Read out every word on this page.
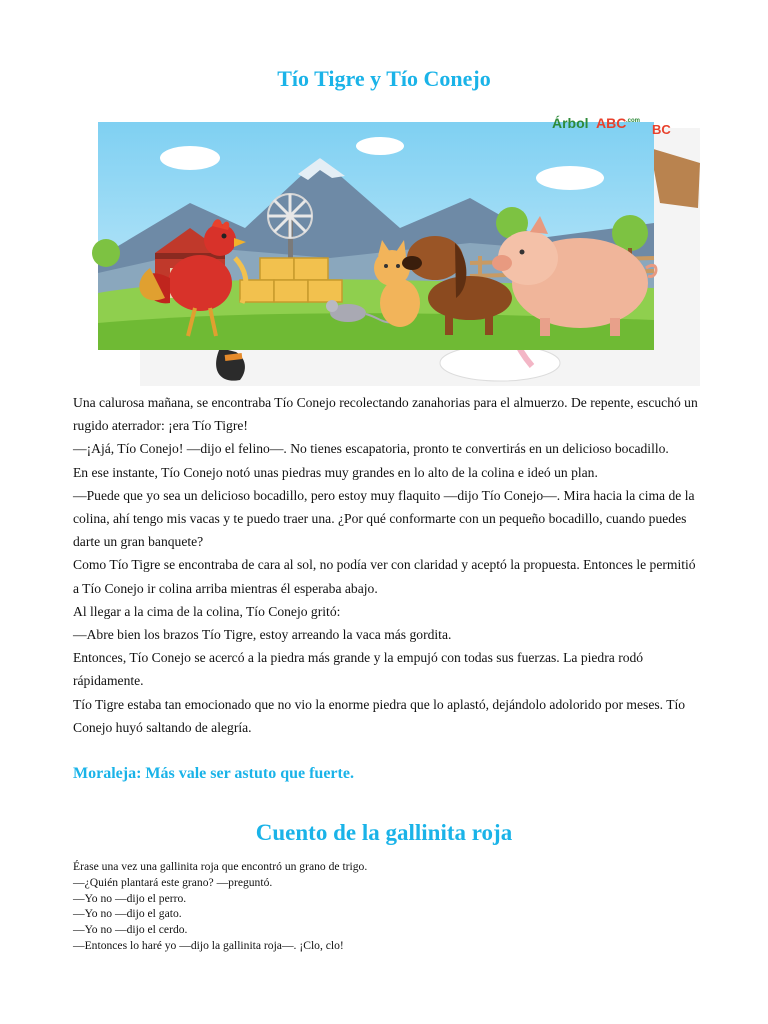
Tío Tigre y Tío Conejo
Árbol ABC .com
BC

Una calurosa mañana, se encontraba Tío Conejo recolectando zanahorias para el almuerzo. De repente, escuchó un rugido aterrador: ¡era Tío Tigre!

—¡Ajá, Tío Conejo! —dijo el felino—. No tienes escapatoria, pronto te convertirás en un delicioso bocadillo.

En ese instante, Tío Conejo notó unas piedras muy grandes en lo alto de la colina e ideó un plan.

—Puede que yo sea un delicioso bocadillo, pero estoy muy flaquito —dijo Tío Conejo—. Mira hacia la cima de la colina, ahí tengo mis vacas y te puedo traer una. ¿Por qué conformarte con un pequeño bocadillo, cuando puedes darte un gran banquete?

Como Tío Tigre se encontraba de cara al sol, no podía ver con claridad y aceptó la propuesta. Entonces le permitió a Tío Conejo ir colina arriba mientras él esperaba abajo.

Al llegar a la cima de la colina, Tío Conejo gritó:

—Abre bien los brazos Tío Tigre, estoy arreando la vaca más gordita.

Entonces, Tío Conejo se acercó a la piedra más grande y la empujó con todas sus fuerzas. La piedra rodó rápidamente.

Tío Tigre estaba tan emocionado que no vio la enorme piedra que lo aplastó, dejándolo adolorido por meses. Tío Conejo huyó saltando de alegría.

Moraleja: Más vale ser astuto que fuerte.

Cuento de la gallinita roja

Érase una vez una gallinita roja que encontró un grano de trigo.

—¿Quién plantará este grano? —preguntó.

—Yo no —dijo el perro.

—Yo no —dijo el gato.

—Yo no —dijo el cerdo.

—Entonces lo haré yo —dijo la gallinita roja—. ¡Clo, clo!
